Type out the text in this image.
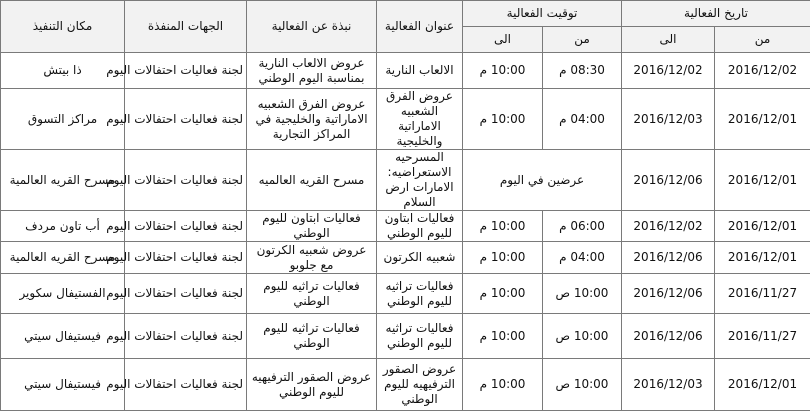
تاريخ الفعالية		توقيت الفعالية		عنوان الفعالية	نبذة عن الفعالية	الجهات المنفذة	مكان التنفيذ
من	الى	من	الى				
2016/12/02	2016/12/02	08:30 م	10:00 م	الالعاب النارية	عروض الالعاب النارية بمناسبة اليوم الوطني	لجنة فعاليات احتفالات اليوم	ذا بيتش
2016/12/01	2016/12/03	04:00 م	10:00 م	عروض الفرق الشعبيه الاماراتية والخليجية	عروض الفرق الشعبيه الاماراتية والخليجية في المراكز التجارية	لجنة فعاليات احتفالات اليوم	مراكز التسوق
2016/12/01	2016/12/06	عرضين في اليوم		المسرحيه الاستعراضيه: الامارات ارض السلام	مسرح القريه العالميه	لجنة فعاليات احتفالات اليوم	مسرح القريه العالمية
2016/12/01	2016/12/02	06:00 م	10:00 م	فعاليات ابتاون لليوم الوطني	فعاليات ابتاون لليوم الوطني	لجنة فعاليات احتفالات اليوم	أب تاون مردف
2016/12/01	2016/12/06	04:00 م	10:00 م	شعبيه الكرتون	عروض شعبيه الكرتون مع جلوبو	لجنة فعاليات احتفالات اليوم	مسرح القريه العالمية
2016/11/27	2016/12/06	10:00 ص	10:00 م	فعاليات تراثيه لليوم الوطني	فعاليات تراثيه لليوم الوطني	لجنة فعاليات احتفالات اليوم	الفستيفال سكوير
2016/11/27	2016/12/06	10:00 ص	10:00 م	فعاليات تراثيه لليوم الوطني	فعاليات تراثيه لليوم الوطني	لجنة فعاليات احتفالات اليوم	فيستيفال سيتي
2016/12/01	2016/12/03	10:00 ص	10:00 م	عروض الصقور الترفيهيه لليوم الوطني	عروض الصقور الترفيهيه لليوم الوطني	لجنة فعاليات احتفالات اليوم	فيستيفال سيتي
